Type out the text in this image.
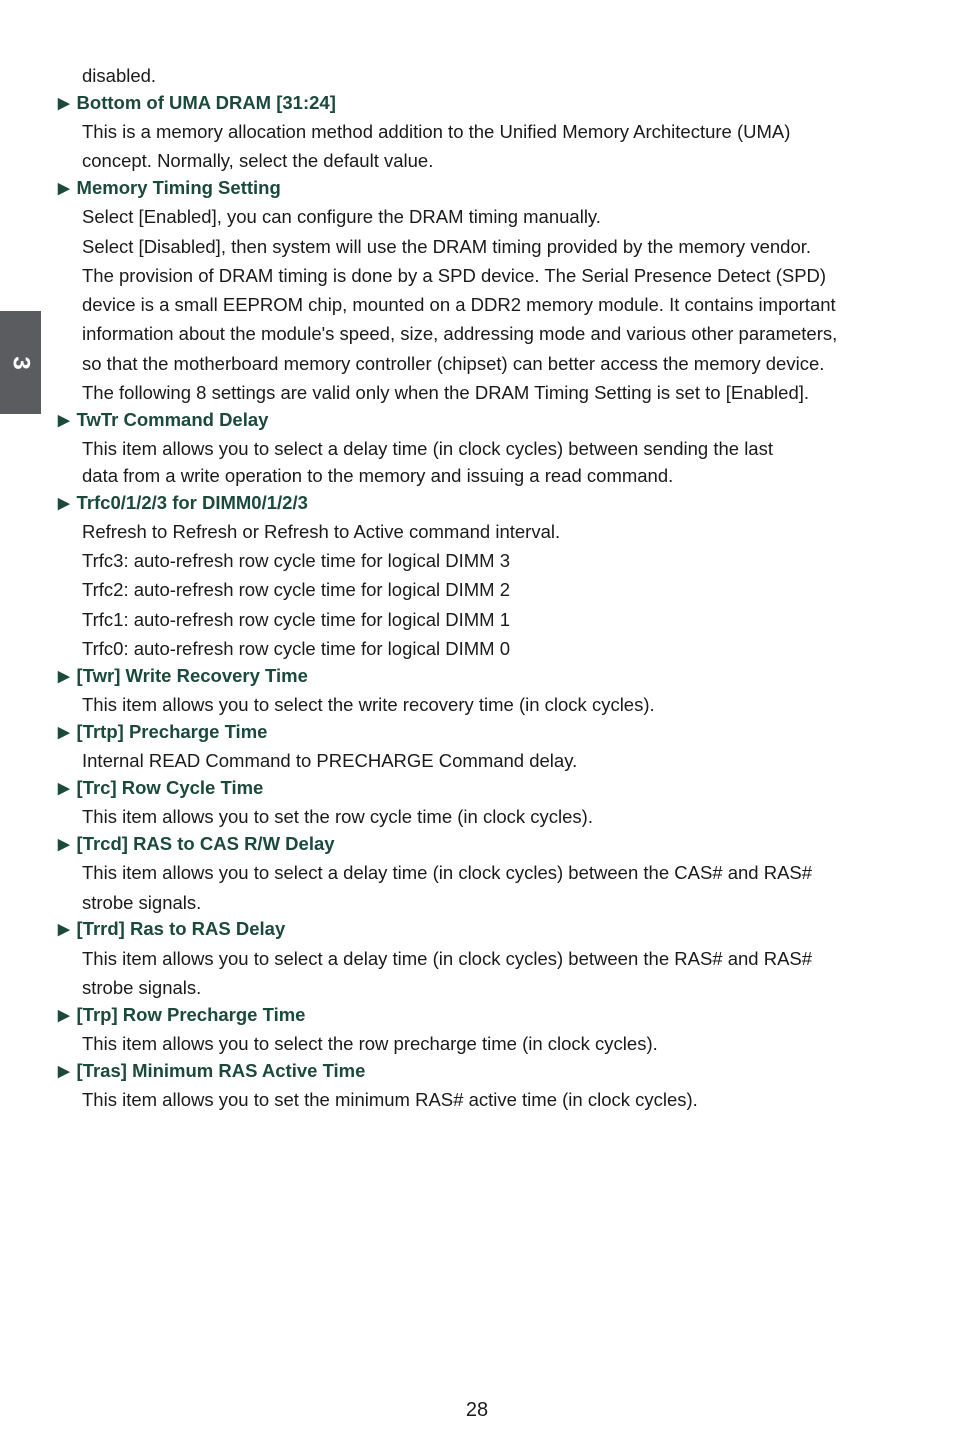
3
disabled.
▶ Bottom of UMA DRAM [31:24]
This is a memory allocation method addition to the Unified Memory Architecture (UMA)
concept. Normally, select the default value.
▶ Memory Timing Setting
Select [Enabled], you can configure the DRAM timing manually.
Select [Disabled], then system will use the DRAM timing provided by the memory vendor.
The provision of DRAM timing is done by a SPD device. The Serial Presence Detect (SPD)
device is a small EEPROM chip, mounted on a DDR2 memory module. It contains important
information about the module's speed, size, addressing mode and various other parameters,
so that the motherboard memory controller (chipset) can better access the memory device.
The following 8 settings are valid only when the DRAM Timing Setting is set to [Enabled].
▶ TwTr Command Delay
This item allows you to select a delay time (in clock cycles) between sending the last
data from a write operation to the memory and issuing a read command.
▶ Trfc0/1/2/3 for DIMM0/1/2/3
Refresh to Refresh or Refresh to Active command interval.
Trfc3: auto-refresh row cycle time for logical DIMM 3
Trfc2: auto-refresh row cycle time for logical DIMM 2
Trfc1: auto-refresh row cycle time for logical DIMM 1
Trfc0: auto-refresh row cycle time for logical DIMM 0
▶ [Twr] Write Recovery Time
This item allows you to select the write recovery time (in clock cycles).
▶ [Trtp] Precharge Time
Internal READ Command to PRECHARGE Command delay.
▶ [Trc] Row Cycle Time
This item allows you to set the row cycle time (in clock cycles).
▶ [Trcd] RAS to CAS R/W Delay
This item allows you to select a delay time (in clock cycles) between the CAS# and RAS#
strobe signals.
▶ [Trrd] Ras to RAS Delay
This item allows you to select a delay time (in clock cycles) between the RAS# and RAS#
strobe signals.
▶ [Trp] Row Precharge Time
This item allows you to select the row precharge time (in clock cycles).
▶ [Tras] Minimum RAS Active Time
This item allows you to set the minimum RAS# active time (in clock cycles).
28
